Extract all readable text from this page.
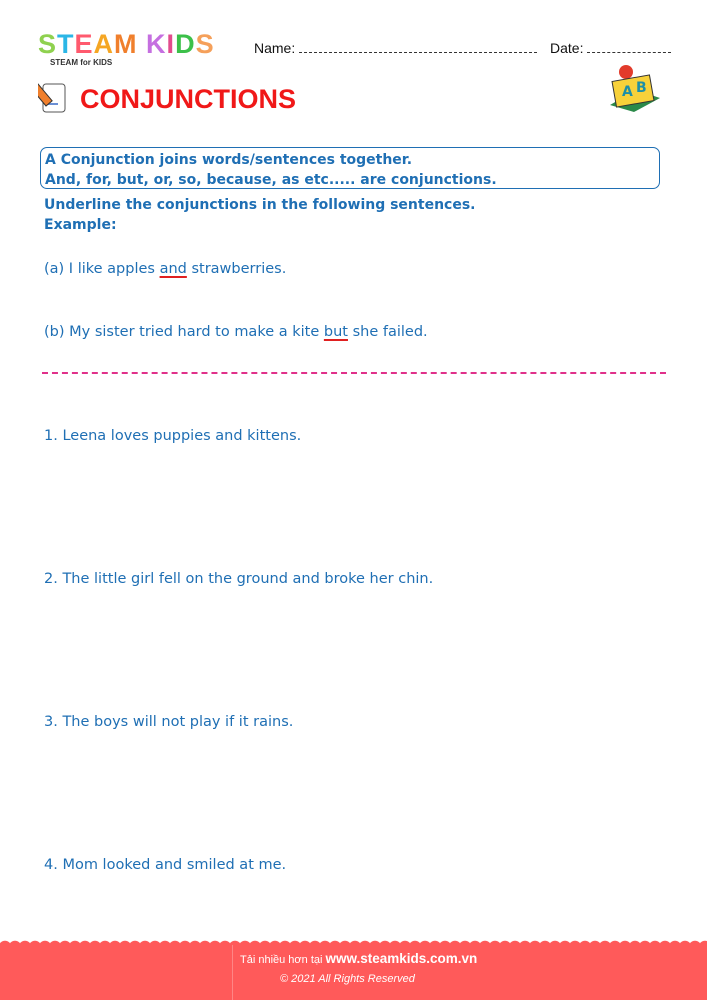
STEAM KIDS
STEAM for KIDS
Name:	Date:
CONJUNCTIONS	A B
A Conjunction joins words/sentences together.
And, for, but, or, so, because, as etc..... are conjunctions.
Underline the conjunctions in the following sentences.
Example:
(a) I like apples and strawberries.
(b) My sister tried hard to make a kite but she failed.
1. Leena loves puppies and kittens.
2. The little girl fell on the ground and broke her chin.
3. The boys will not play if it rains.
4. Mom looked and smiled at me.
Tải nhiều hơn tại www.steamkids.com.vn
© 2021 All Rights Reserved
